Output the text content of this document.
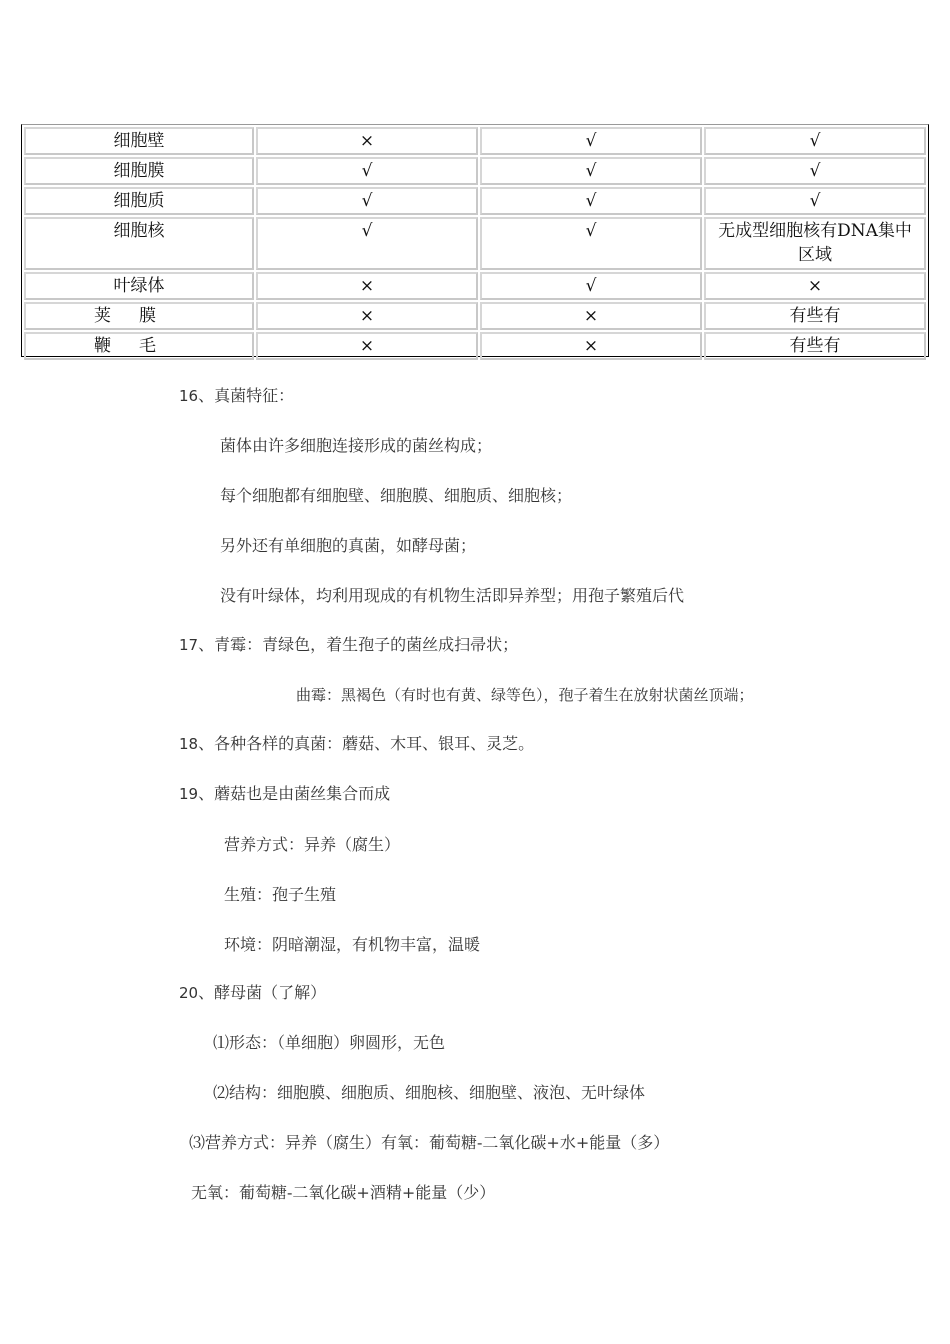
细胞壁	×	√	√
细胞膜	√	√	√
细胞质	√	√	√
细胞核	√	√	无成型细胞核有DNA集中区域
叶绿体	×	√	×
荚膜	×	×	有些有
鞭毛	×	×	有些有
16、真菌特征：
菌体由许多细胞连接形成的菌丝构成；
每个细胞都有细胞壁、细胞膜、细胞质、细胞核；
另外还有单细胞的真菌，如酵母菌；
没有叶绿体，均利用现成的有机物生活即异养型；用孢子繁殖后代
17、青霉：青绿色，着生孢子的菌丝成扫帚状；
曲霉：黑褐色（有时也有黄、绿等色），孢子着生在放射状菌丝顶端；
18、各种各样的真菌：蘑菇、木耳、银耳、灵芝。
19、蘑菇也是由菌丝集合而成
营养方式：异养（腐生）
生殖：孢子生殖
环境：阴暗潮湿，有机物丰富，温暖
20、酵母菌（了解）
⑴形态：（单细胞）卵圆形，无色
⑵结构：细胞膜、细胞质、细胞核、细胞壁、液泡、无叶绿体
⑶营养方式：异养（腐生）有氧：葡萄糖-二氧化碳+水+能量（多）
无氧：葡萄糖-二氧化碳+酒精+能量（少）
